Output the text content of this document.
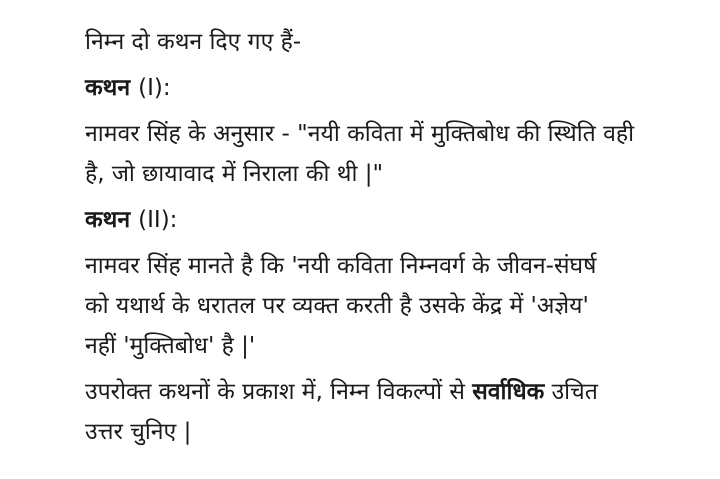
निम्न दो कथन दिए गए हैं-

कथन (I):

नामवर सिंह के अनुसार - "नयी कविता में मुक्तिबोध की स्थिति वही है, जो छायावाद में निराला की थी |"

कथन (II):

नामवर सिंह मानते है कि 'नयी कविता निम्नवर्ग के जीवन-संघर्ष को यथार्थ के धरातल पर व्यक्त करती है उसके केंद्र में 'अज्ञेय' नहीं 'मुक्तिबोध' है |'

उपरोक्त कथनों के प्रकाश में, निम्न विकल्पों से सर्वाधिक उचित उत्तर चुनिए |
